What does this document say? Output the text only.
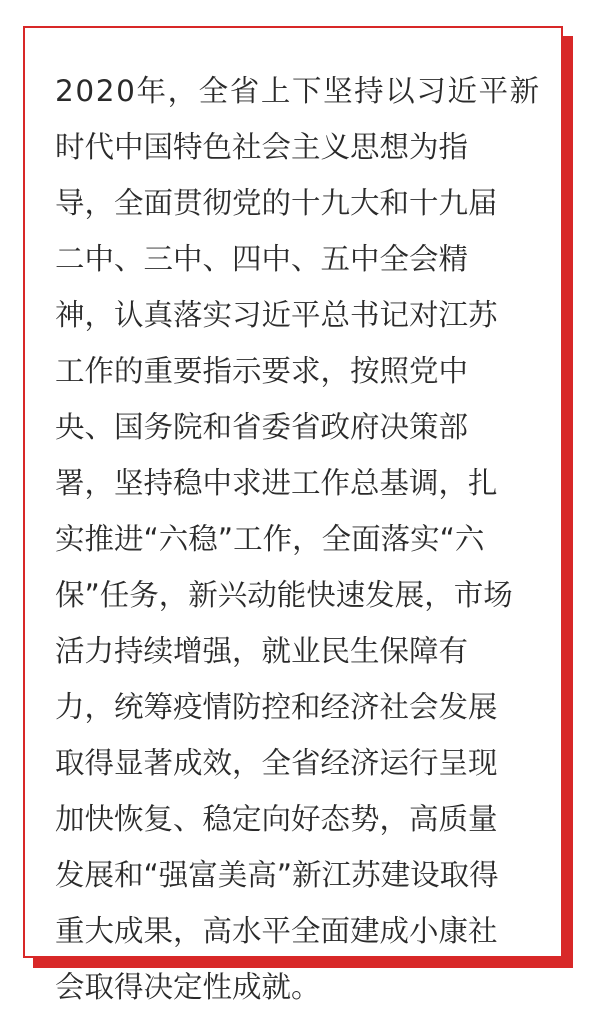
2020年，全省上下坚持以习近平新
时代中国特色社会主义思想为指
导，全面贯彻党的十九大和十九届
二中、三中、四中、五中全会精
神，认真落实习近平总书记对江苏
工作的重要指示要求，按照党中
央、国务院和省委省政府决策部
署，坚持稳中求进工作总基调，扎
实推进“六稳”工作，全面落实“六
保”任务，新兴动能快速发展，市场
活力持续增强，就业民生保障有
力，统筹疫情防控和经济社会发展
取得显著成效，全省经济运行呈现
加快恢复、稳定向好态势，高质量
发展和“强富美高”新江苏建设取得
重大成果，高水平全面建成小康社
会取得决定性成就。
